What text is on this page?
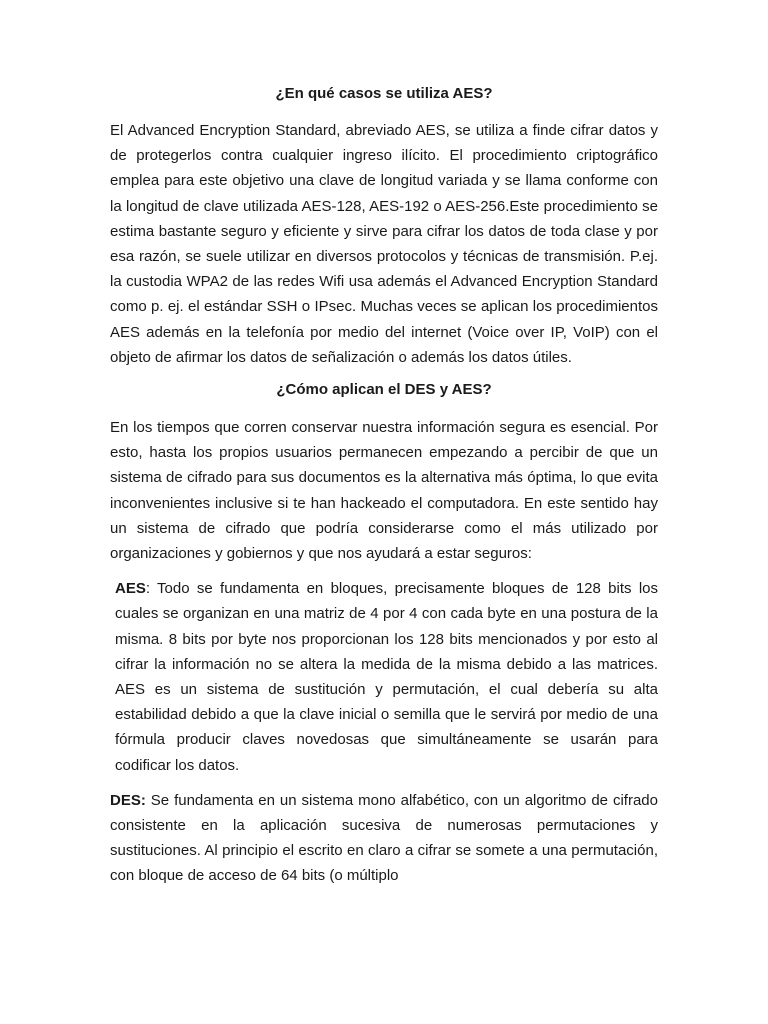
¿En qué casos se utiliza AES?

El Advanced Encryption Standard, abreviado AES, se utiliza a finde cifrar datos y de protegerlos contra cualquier ingreso ilícito. El procedimiento criptográfico emplea para este objetivo una clave de longitud variada y se llama conforme con la longitud de clave utilizada AES-128, AES-192 o AES-256.Este procedimiento se estima bastante seguro y eficiente y sirve para cifrar los datos de toda clase y por esa razón, se suele utilizar en diversos protocolos y técnicas de transmisión. P.ej. la custodia WPA2 de las redes Wifi usa además el Advanced Encryption Standard como p. ej. el estándar SSH o IPsec. Muchas veces se aplican los procedimientos AES además en la telefonía por medio del internet (Voice over IP, VoIP) con el objeto de afirmar los datos de señalización o además los datos útiles.

¿Cómo aplican el DES y AES?

En los tiempos que corren conservar nuestra información segura es esencial. Por esto, hasta los propios usuarios permanecen empezando a percibir de que un sistema de cifrado para sus documentos es la alternativa más óptima, lo que evita inconvenientes inclusive si te han hackeado el computadora. En este sentido hay un sistema de cifrado que podría considerarse como el más utilizado por organizaciones y gobiernos y que nos ayudará a estar seguros:

AES: Todo se fundamenta en bloques, precisamente bloques de 128 bits los cuales se organizan en una matriz de 4 por 4 con cada byte en una postura de la misma. 8 bits por byte nos proporcionan los 128 bits mencionados y por esto al cifrar la información no se altera la medida de la misma debido a las matrices. AES es un sistema de sustitución y permutación, el cual debería su alta estabilidad debido a que la clave inicial o semilla que le servirá por medio de una fórmula producir claves novedosas que simultáneamente se usarán para codificar los datos.

DES: Se fundamenta en un sistema mono alfabético, con un algoritmo de cifrado consistente en la aplicación sucesiva de numerosas permutaciones y sustituciones. Al principio el escrito en claro a cifrar se somete a una permutación, con bloque de acceso de 64 bits (o múltiplo
